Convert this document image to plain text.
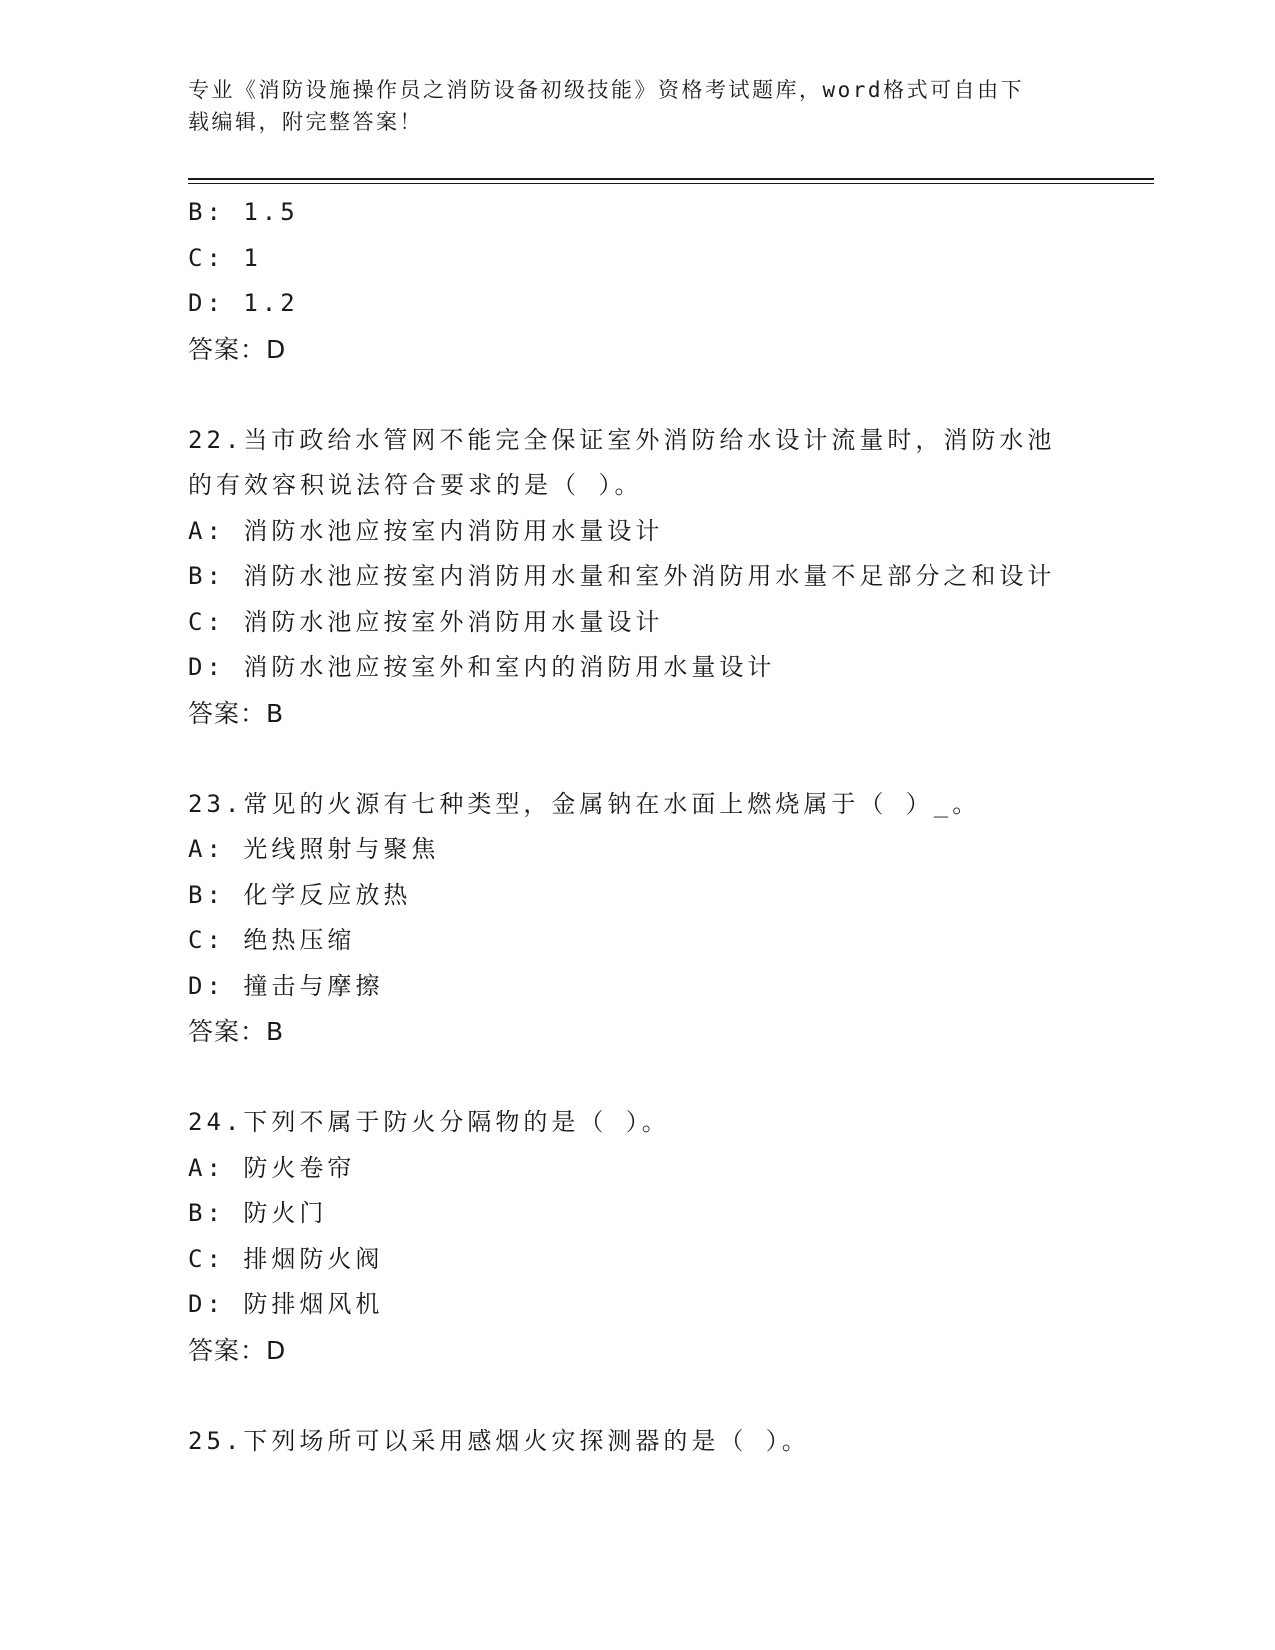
专业《消防设施操作员之消防设备初级技能》资格考试题库，word格式可自由下
载编辑，附完整答案！
B: 1.5
C: 1
D: 1.2
答案：D
22.当市政给水管网不能完全保证室外消防给水设计流量时，消防水池
的有效容积说法符合要求的是（ ）。
A: 消防水池应按室内消防用水量设计
B: 消防水池应按室内消防用水量和室外消防用水量不足部分之和设计
C: 消防水池应按室外消防用水量设计
D: 消防水池应按室外和室内的消防用水量设计
答案：B
23.常见的火源有七种类型，金属钠在水面上燃烧属于（ ）_。
A: 光线照射与聚焦
B: 化学反应放热
C: 绝热压缩
D: 撞击与摩擦
答案：B
24.下列不属于防火分隔物的是（ ）。
A: 防火卷帘
B: 防火门
C: 排烟防火阀
D: 防排烟风机
答案：D
25.下列场所可以采用感烟火灾探测器的是（ ）。
